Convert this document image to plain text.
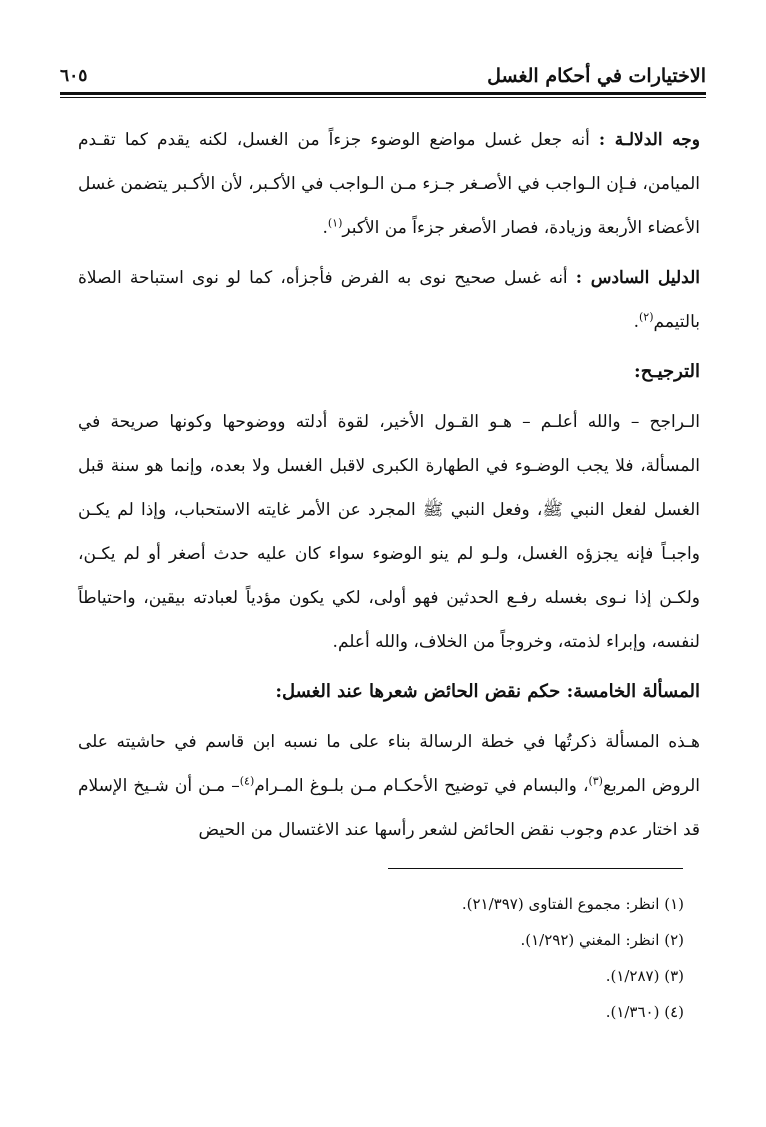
الاختيارات في أحكام الغسل
٦٠٥

وجه الدلالـة : أنه جعل غسل مواضع الوضوء جزءاً من الغسل، لكنه يقدم كما تقـدم الميامن، فـإن الـواجب في الأصـغر جـزء مـن الـواجب في الأكـبر، لأن الأكـبر يتضمن غسل الأعضاء الأربعة وزيادة، فصار الأصغر جزءاً من الأكبر$^{(١)}$.

الدليل السادس : أنه غسل صحيح نوى به الفرض فأجزأه، كما لو نوى استباحة الصلاة بالتيمم$^{(٢)}$.

الترجيـح:

الـراجح – والله أعلـم – هـو القـول الأخير، لقوة أدلته ووضوحها وكونها صريحة في المسألة، فلا يجب الوضـوء في الطهارة الكبرى لاقبل الغسل ولا بعده، وإنما هو سنة قبل الغسل لفعل النبي ﷺ، وفعل النبي ﷺ المجرد عن الأمر غايته الاستحباب، وإذا لم يكـن واجبـاً فإنه يجزؤه الغسل، ولـو لم ينو الوضوء سواء كان عليه حدث أصغر أو لم يكـن، ولكـن إذا نـوى بغسله رفـع الحدثين فهو أولى، لكي يكون مؤدياً لعبادته بيقين، واحتياطاً لنفسه، وإبراء لذمته، وخروجاً من الخلاف، والله أعلم.

المسألة الخامسة: حكم نقض الحائض شعرها عند الغسل:

هـذه المسألة ذكرتُها في خطة الرسالة بناء على ما نسبه ابن قاسم في حاشيته على الروض المربع$^{(٣)}$، والبسام في توضيح الأحكـام مـن بلـوغ المـرام$^{(٤)}$– مـن أن شـيخ الإسلام قد اختار عدم وجوب نقض الحائض لشعر رأسها عند الاغتسال من الحيض

(١) انظر: مجموع الفتاوى (٢١/٣٩٧).
(٢) انظر: المغني (١/٢٩٢).
(٣) (١/٢٨٧).
(٤) (١/٣٦٠).
